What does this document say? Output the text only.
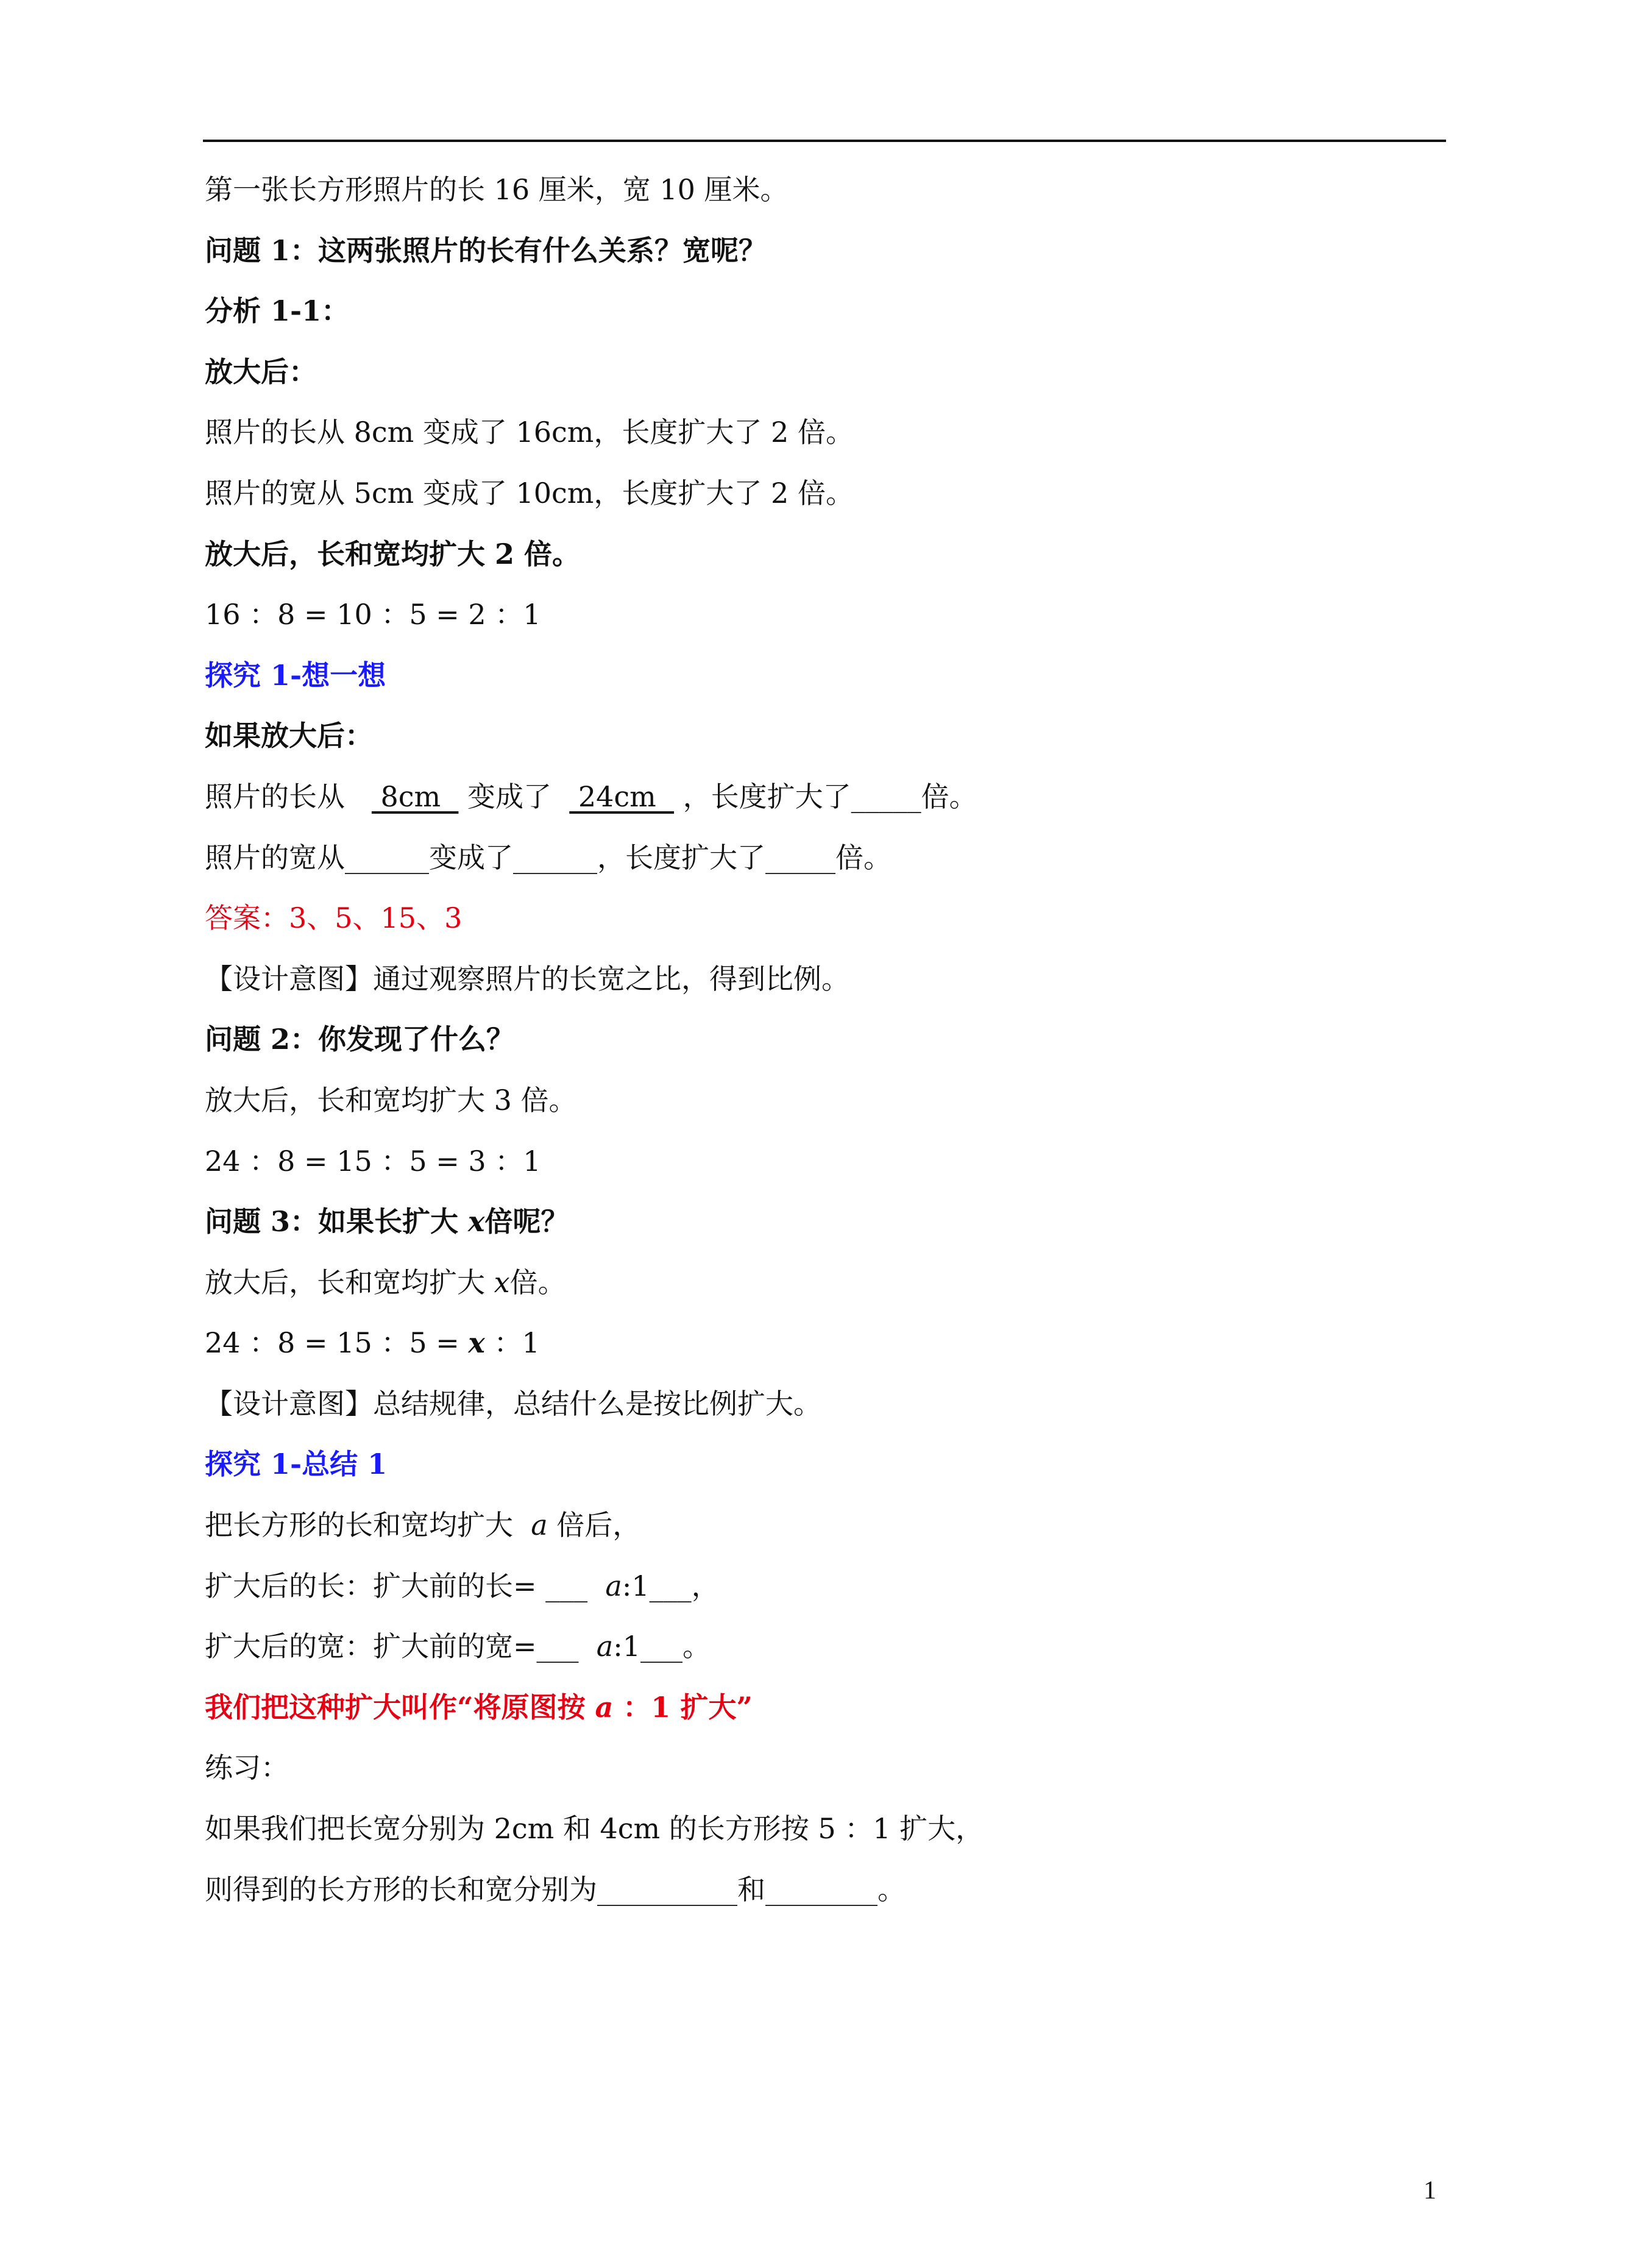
第一张长方形照片的长 16 厘米，宽 10 厘米。
问题 1：这两张照片的长有什么关系？宽呢？
分析 1-1：
放大后：
照片的长从 8cm 变成了 16cm，长度扩大了 2 倍。
照片的宽从 5cm 变成了 10cm，长度扩大了 2 倍。
放大后，长和宽均扩大 2 倍。
16 ：8 = 10 ：5 = 2 ：1
探究 1-想一想
如果放大后：
照片的长从    8cm   变成了   24cm   ，长度扩大了_____倍。
照片的宽从______变成了______，长度扩大了_____倍。
答案：3、5、15、3
【设计意图】通过观察照片的长宽之比，得到比例。
问题 2：你发现了什么？
放大后，长和宽均扩大 3 倍。
24 ：8 = 15 ：5 = 3 ：1
问题 3：如果长扩大 x倍呢？
放大后，长和宽均扩大 x倍。
24 ：8 = 15 ：5 = x ：1
【设计意图】总结规律，总结什么是按比例扩大。
探究 1-总结 1
把长方形的长和宽均扩大  a 倍后，
扩大后的长：扩大前的长= ___  a:1___，
扩大后的宽：扩大前的宽=___  a:1___。
我们把这种扩大叫作“将原图按 a ：1 扩大”
练习：
如果我们把长宽分别为 2cm 和 4cm 的长方形按 5 ：1 扩大，
则得到的长方形的长和宽分别为__________和________。
1
